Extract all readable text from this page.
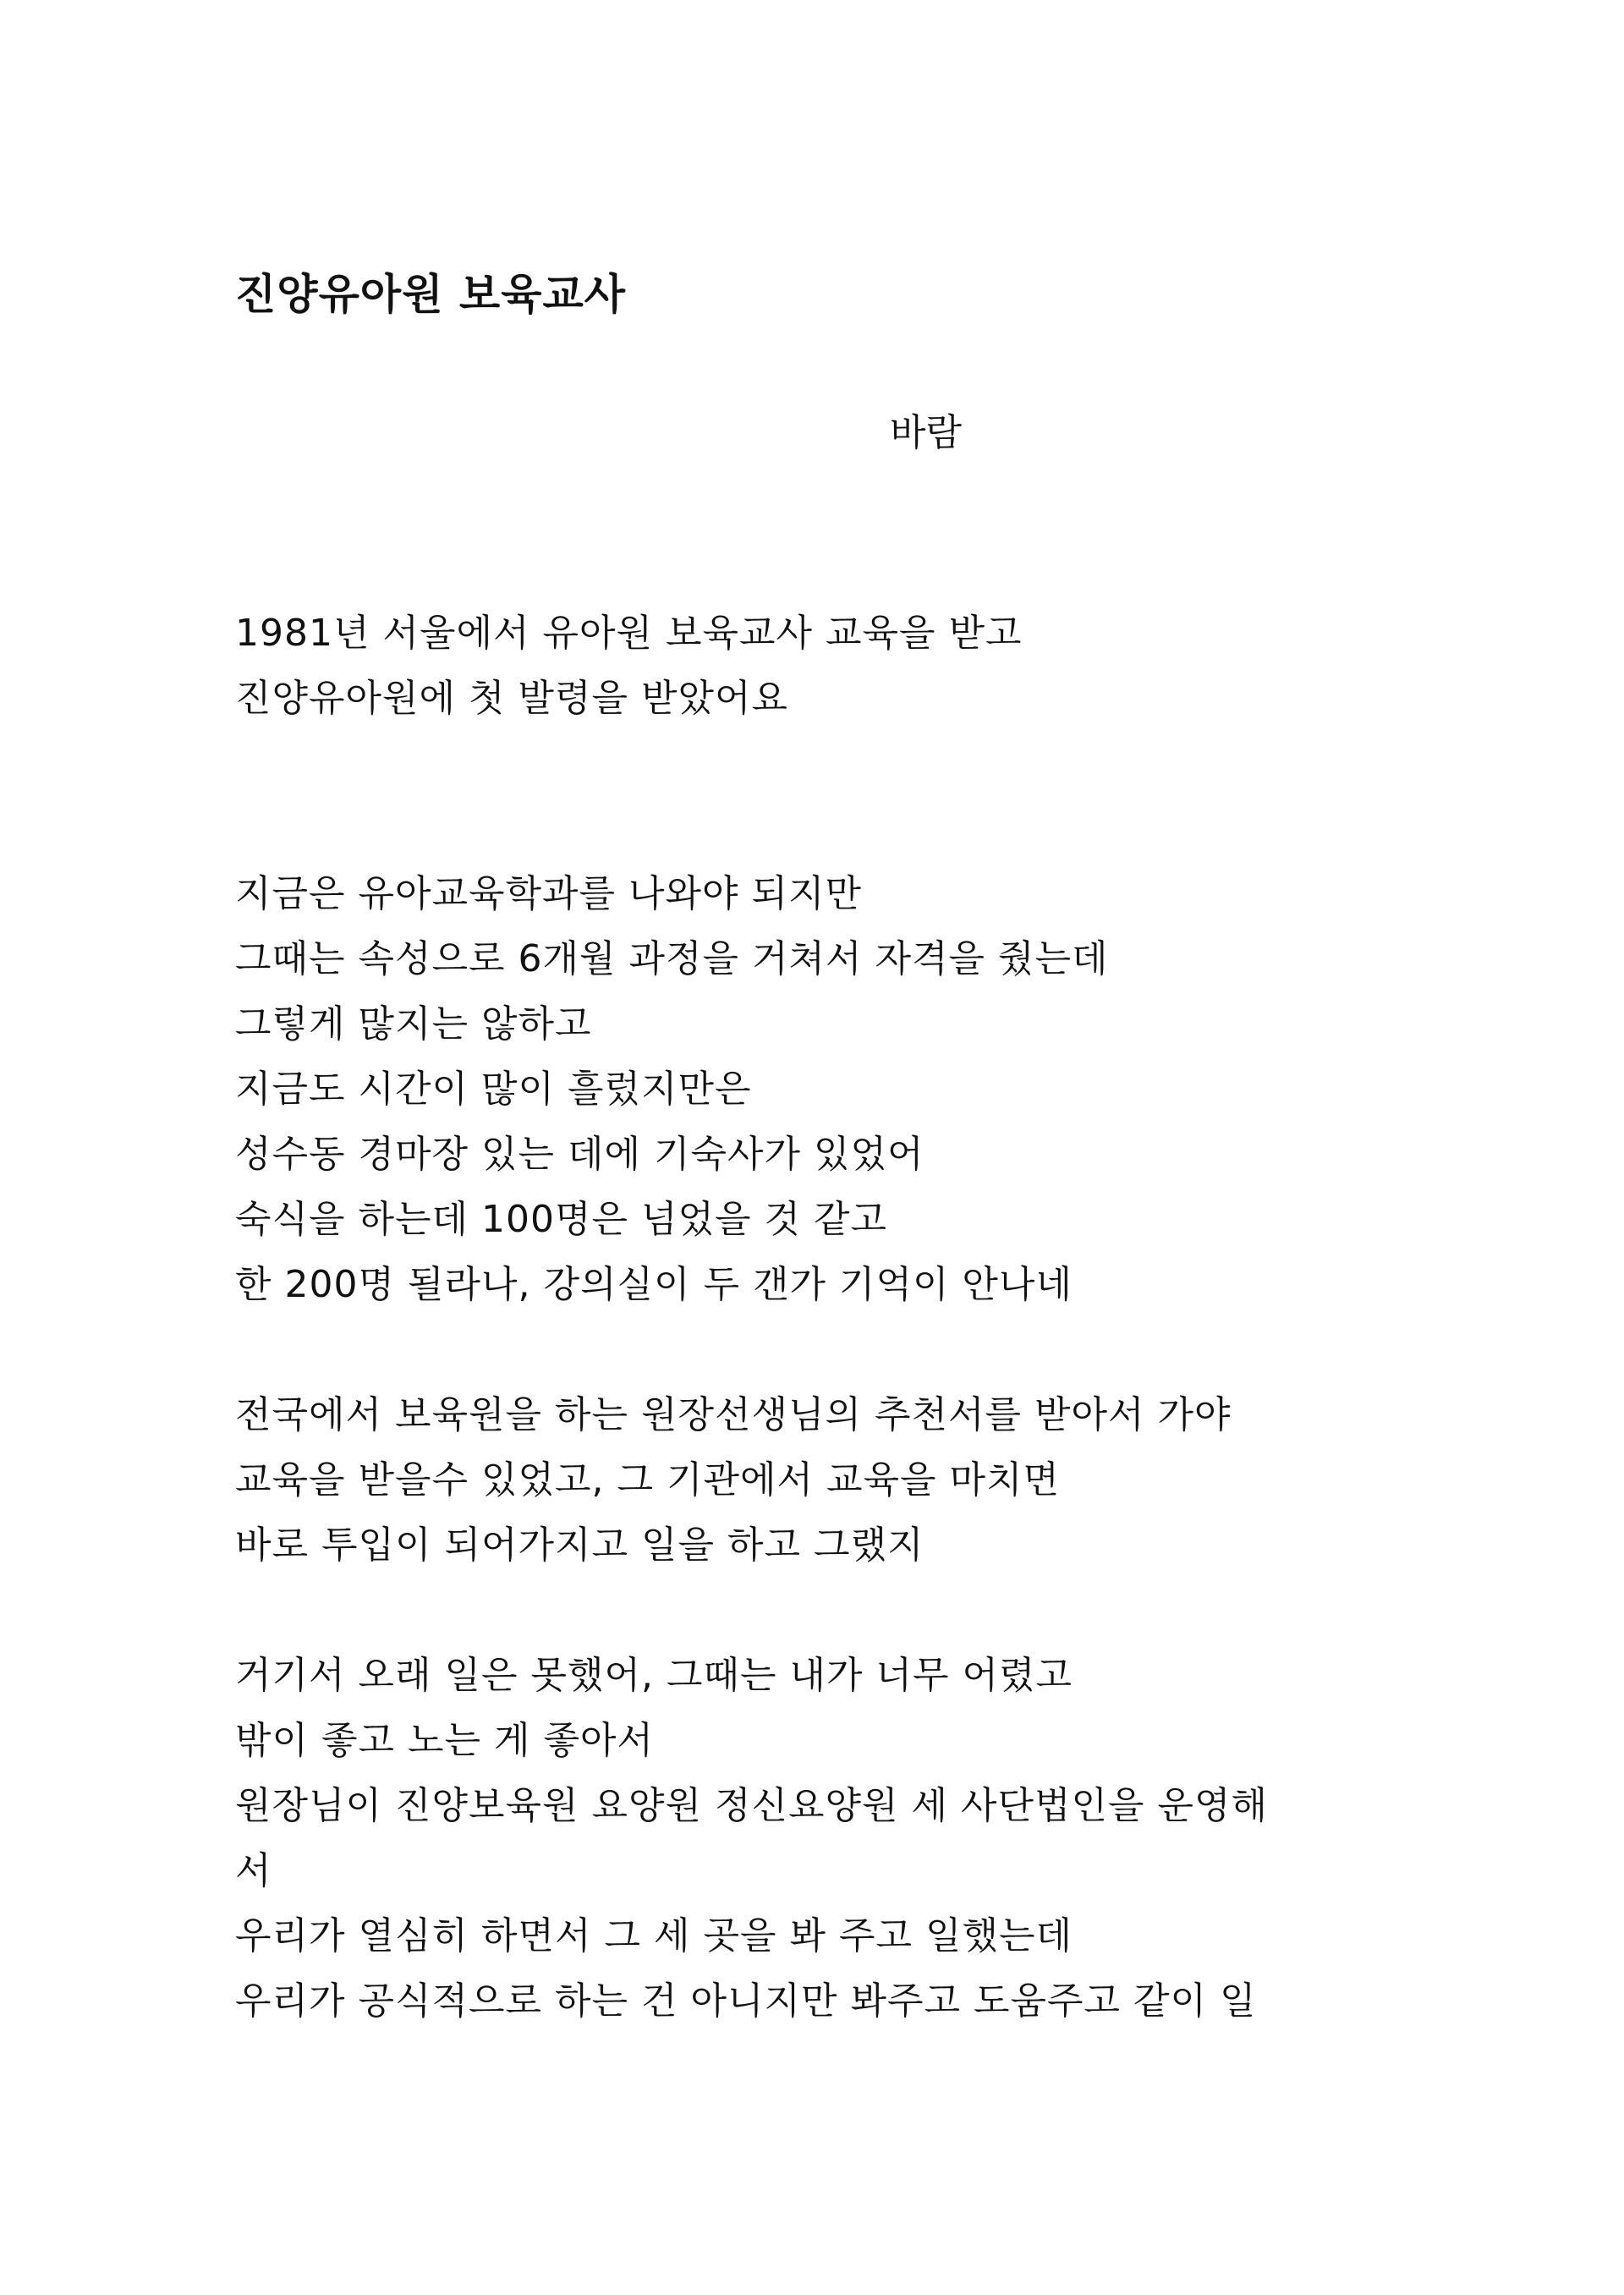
진양유아원 보육교사
바람
1981년 서울에서 유아원 보육교사 교육을 받고
진양유아원에 첫 발령을 받았어요
지금은 유아교육학과를 나와야 되지만
그때는 속성으로 6개월 과정을 거쳐서 자격을 줬는데
그렇게 많지는 않하고
지금도 시간이 많이 흘렀지만은
성수동 경마장 있는 데에 기숙사가 있었어
숙식을 하는데 100명은 넘었을 것 같고
한 200명 될라나, 강의실이 두 갠가 기억이 안나네
전국에서 보육원을 하는 원장선생님의 추천서를 받아서 가야
교육을 받을수 있었고, 그 기관에서 교육을 마치면
바로 투입이 되어가지고 일을 하고 그랬지
거기서 오래 일은 못했어, 그때는 내가 너무 어렸고
밖이 좋고 노는 게 좋아서
원장님이 진양보육원 요양원 정신요양원 세 사단법인을 운영해
서
우리가 열심히 하면서 그 세 곳을 봐 주고 일했는데
우리가 공식적으로 하는 건 아니지만 봐주고 도움주고 같이 일
